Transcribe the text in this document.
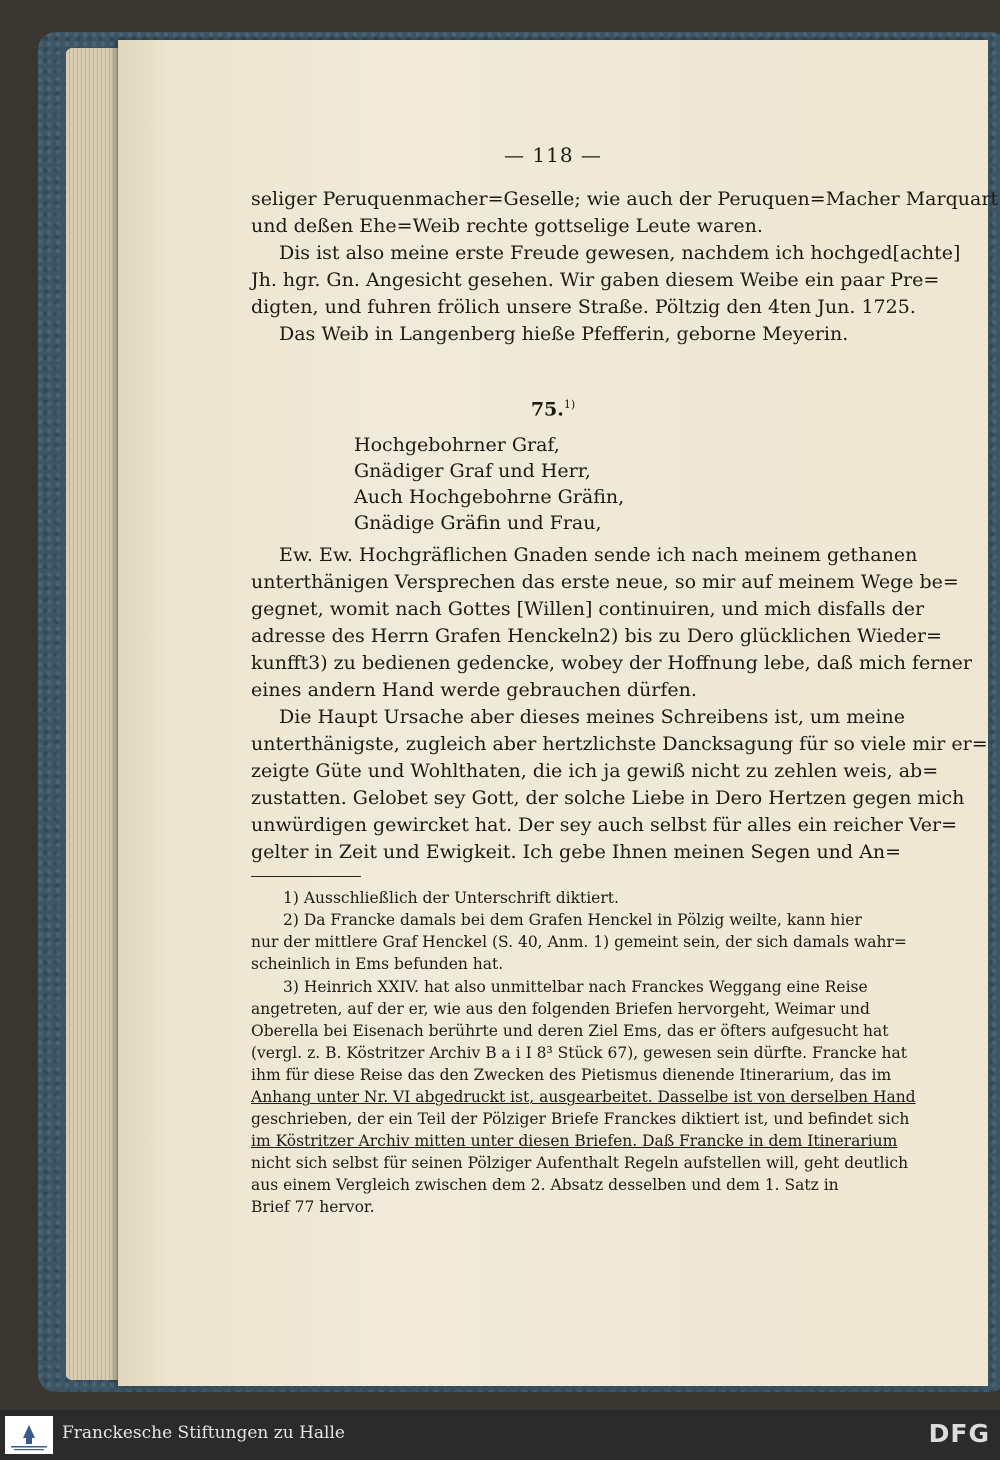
— 118 —
seliger Peruquenmacher=Geselle; wie auch der Peruquen=Macher Marquart
und deßen Ehe=Weib rechte gottselige Leute waren.
Dis ist also meine erste Freude gewesen, nachdem ich hochged[achte]
Jh. hgr. Gn. Angesicht gesehen. Wir gaben diesem Weibe ein paar Pre=
digten, und fuhren frölich unsere Straße. Pöltzig den 4ten Jun. 1725.
Das Weib in Langenberg hieße Pfefferin, geborne Meyerin.
75.$^{1)}$
Hochgebohrner Graf,
Gnädiger Graf und Herr,
Auch Hochgebohrne Gräfin,
Gnädige Gräfin und Frau,
Ew. Ew. Hochgräflichen Gnaden sende ich nach meinem gethanen
unterthänigen Versprechen das erste neue, so mir auf meinem Wege be=
gegnet, womit nach Gottes [Willen] continuiren, und mich disfalls der
adresse des Herrn Grafen Henckeln2) bis zu Dero glücklichen Wieder=
kunfft3) zu bedienen gedencke, wobey der Hoffnung lebe, daß mich ferner
eines andern Hand werde gebrauchen dürfen.
Die Haupt Ursache aber dieses meines Schreibens ist, um meine
unterthänigste, zugleich aber hertzlichste Dancksagung für so viele mir er=
zeigte Güte und Wohlthaten, die ich ja gewiß nicht zu zehlen weis, ab=
zustatten. Gelobet sey Gott, der solche Liebe in Dero Hertzen gegen mich
unwürdigen gewircket hat. Der sey auch selbst für alles ein reicher Ver=
gelter in Zeit und Ewigkeit. Ich gebe Ihnen meinen Segen und An=
1) Ausschließlich der Unterschrift diktiert.
2) Da Francke damals bei dem Grafen Henckel in Pölzig weilte, kann hier
nur der mittlere Graf Henckel (S. 40, Anm. 1) gemeint sein, der sich damals wahr=
scheinlich in Ems befunden hat.
3) Heinrich XXIV. hat also unmittelbar nach Franckes Weggang eine Reise
angetreten, auf der er, wie aus den folgenden Briefen hervorgeht, Weimar und
Oberella bei Eisenach berührte und deren Ziel Ems, das er öfters aufgesucht hat
(vergl. z. B. Köstritzer Archiv B a i I 8³ Stück 67), gewesen sein dürfte. Francke hat
ihm für diese Reise das den Zwecken des Pietismus dienende Itinerarium, das im
Anhang unter Nr. VI abgedruckt ist, ausgearbeitet. Dasselbe ist von derselben Hand
geschrieben, der ein Teil der Pölziger Briefe Franckes diktiert ist, und befindet sich
im Köstritzer Archiv mitten unter diesen Briefen. Daß Francke in dem Itinerarium
nicht sich selbst für seinen Pölziger Aufenthalt Regeln aufstellen will, geht deutlich
aus einem Vergleich zwischen dem 2. Absatz desselben und dem 1. Satz in
Brief 77 hervor.
Franckesche Stiftungen zu Halle	DFG
